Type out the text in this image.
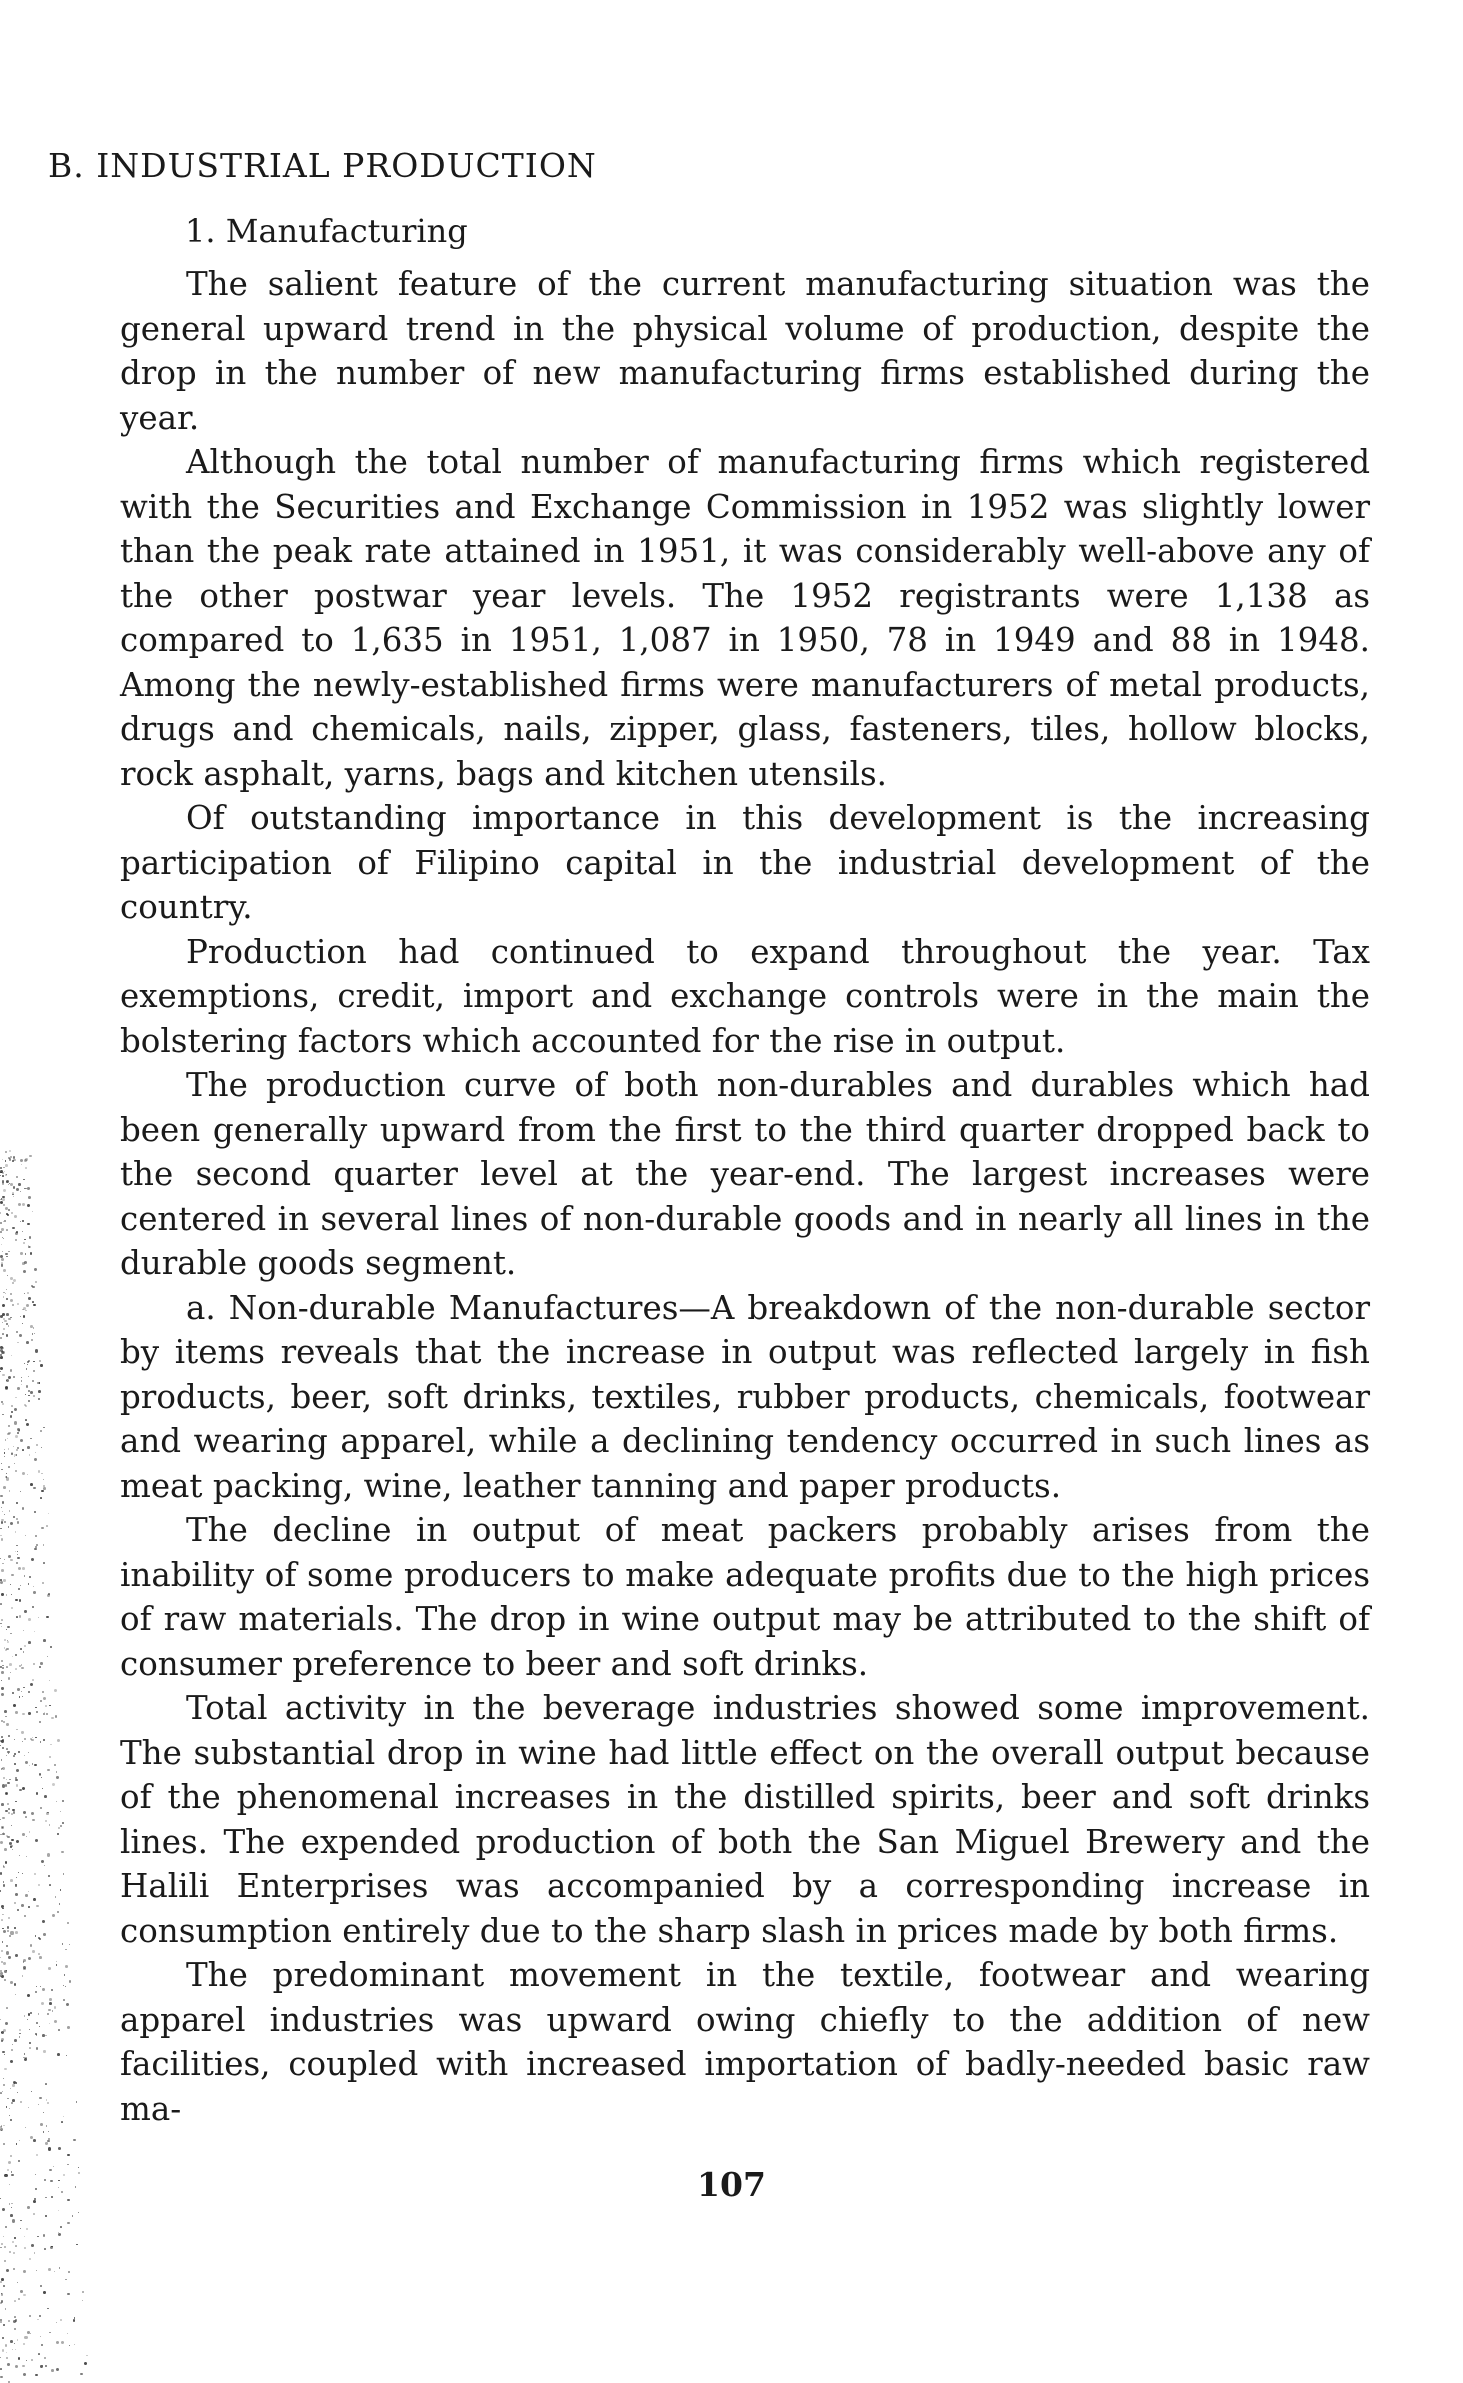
B. INDUSTRIAL PRODUCTION
1. Manufacturing

The salient feature of the current manufacturing situation was the general upward trend in the physical volume of production, despite the drop in the number of new manufacturing firms established during the year.

Although the total number of manufacturing firms which registered with the Securities and Exchange Commission in 1952 was slightly lower than the peak rate attained in 1951, it was considerably well-above any of the other postwar year levels. The 1952 registrants were 1,138 as compared to 1,635 in 1951, 1,087 in 1950, 78 in 1949 and 88 in 1948. Among the newly-established firms were manufacturers of metal products, drugs and chemicals, nails, zipper, glass, fasteners, tiles, hollow blocks, rock asphalt, yarns, bags and kitchen utensils.

Of outstanding importance in this development is the increasing participation of Filipino capital in the industrial development of the country.

Production had continued to expand throughout the year. Tax exemptions, credit, import and exchange controls were in the main the bolstering factors which accounted for the rise in output.

The production curve of both non-durables and durables which had been generally upward from the first to the third quarter dropped back to the second quarter level at the year-end. The largest increases were centered in several lines of non-durable goods and in nearly all lines in the durable goods segment.

a. Non-durable Manufactures—A breakdown of the non-durable sector by items reveals that the increase in output was reflected largely in fish products, beer, soft drinks, textiles, rubber products, chemicals, footwear and wearing apparel, while a declining tendency occurred in such lines as meat packing, wine, leather tanning and paper products.

The decline in output of meat packers probably arises from the inability of some producers to make adequate profits due to the high prices of raw materials. The drop in wine output may be attributed to the shift of consumer preference to beer and soft drinks.

Total activity in the beverage industries showed some improvement. The substantial drop in wine had little effect on the overall output because of the phenomenal increases in the distilled spirits, beer and soft drinks lines. The expended production of both the San Miguel Brewery and the Halili Enterprises was accompanied by a corresponding increase in consumption entirely due to the sharp slash in prices made by both firms.

The predominant movement in the textile, footwear and wearing apparel industries was upward owing chiefly to the addition of new facilities, coupled with increased importation of badly-needed basic raw ma-

107
